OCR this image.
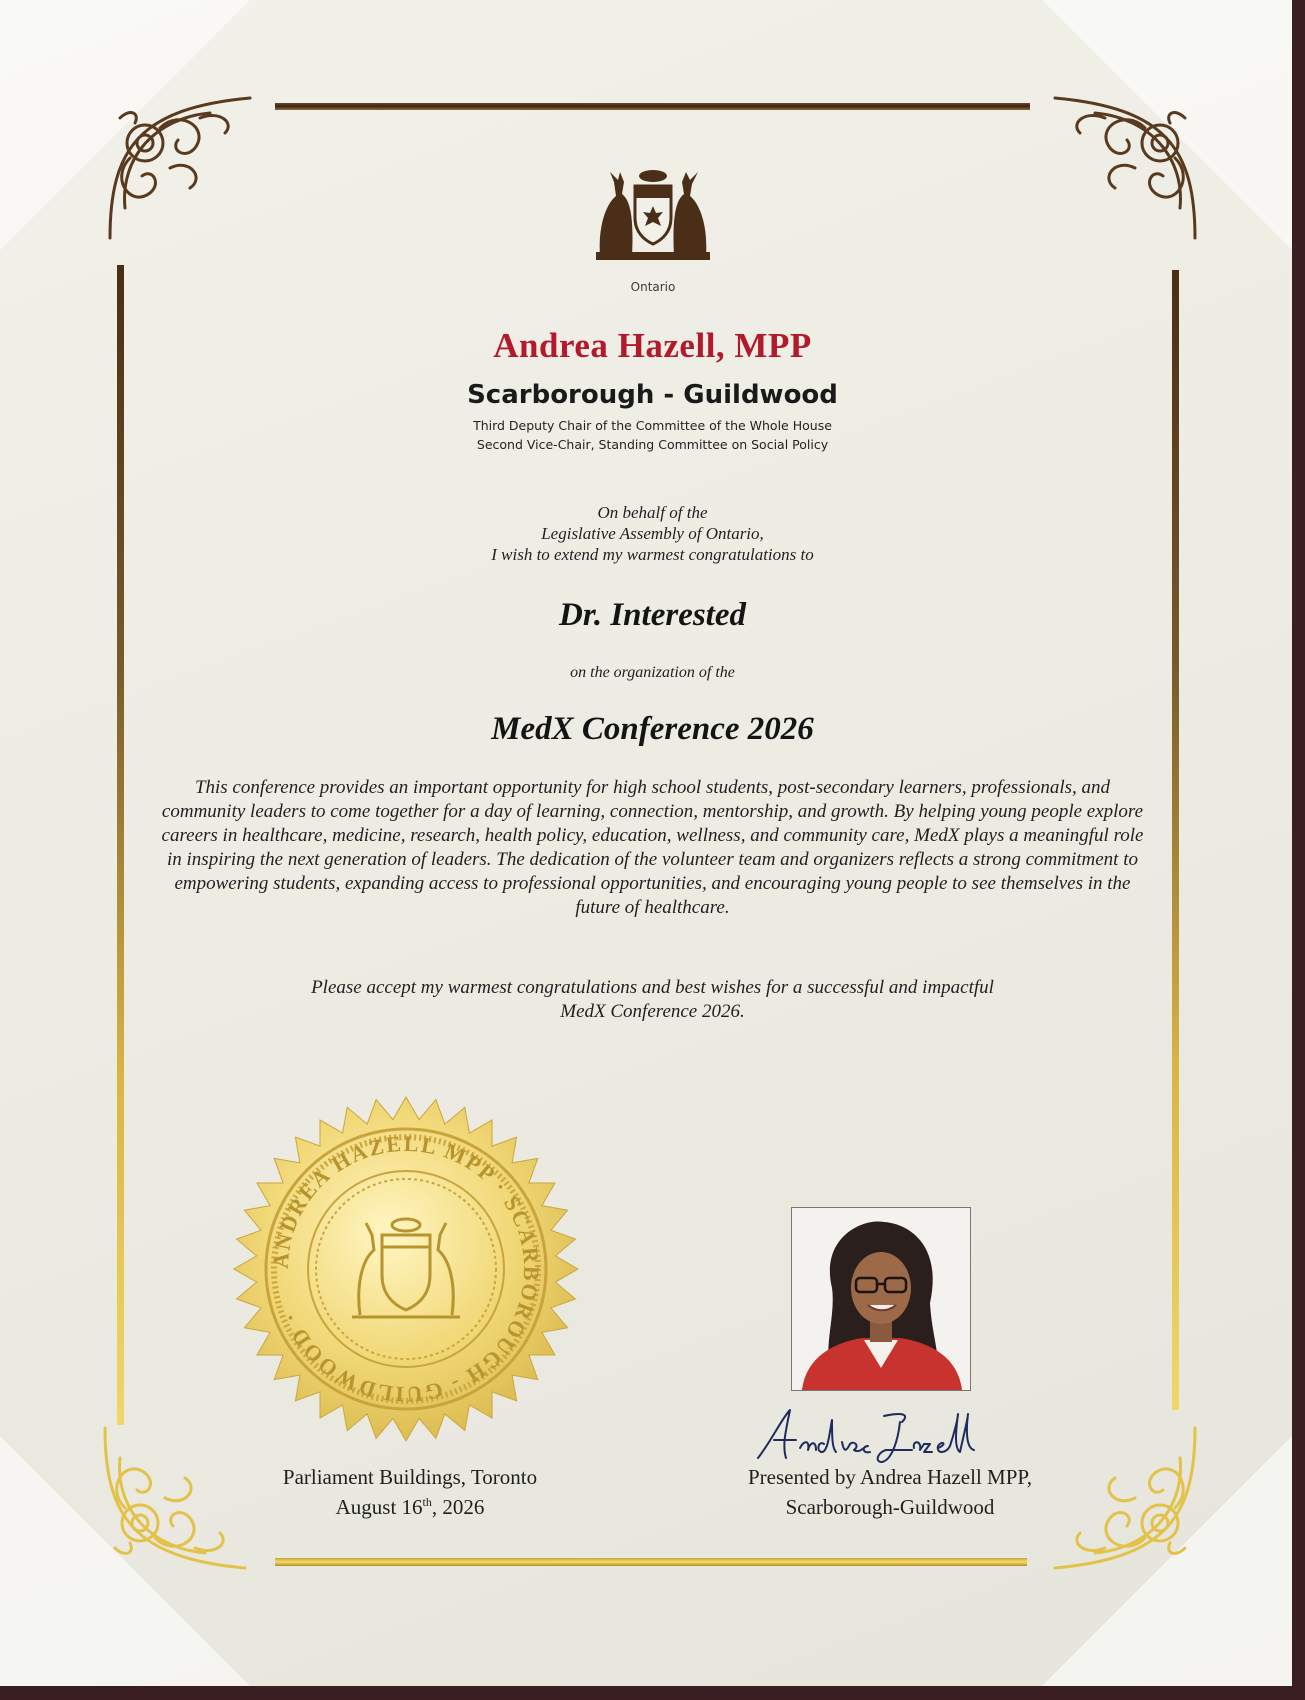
Ontario
Andrea Hazell, MPP
Scarborough - Guildwood
Third Deputy Chair of the Committee of the Whole House
Second Vice-Chair, Standing Committee on Social Policy
On behalf of the
Legislative Assembly of Ontario,
I wish to extend my warmest congratulations to
Dr. Interested
on the organization of the
MedX Conference 2026
This conference provides an important opportunity for high school students, post-secondary learners, professionals, and community leaders to come together for a day of learning, connection, mentorship, and growth. By helping young people explore careers in healthcare, medicine, research, health policy, education, wellness, and community care, MedX plays a meaningful role in inspiring the next generation of leaders. The dedication of the volunteer team and organizers reflects a strong commitment to empowering students, expanding access to professional opportunities, and encouraging young people to see themselves in the future of healthcare.
Please accept my warmest congratulations and best wishes for a successful and impactful
MedX Conference 2026.
ANDREA HAZELL MPP · SCARBOROUGH - GUILDWOOD ·
Parliament Buildings, Toronto
August 16th, 2026
Presented by Andrea Hazell MPP,
Scarborough-Guildwood
